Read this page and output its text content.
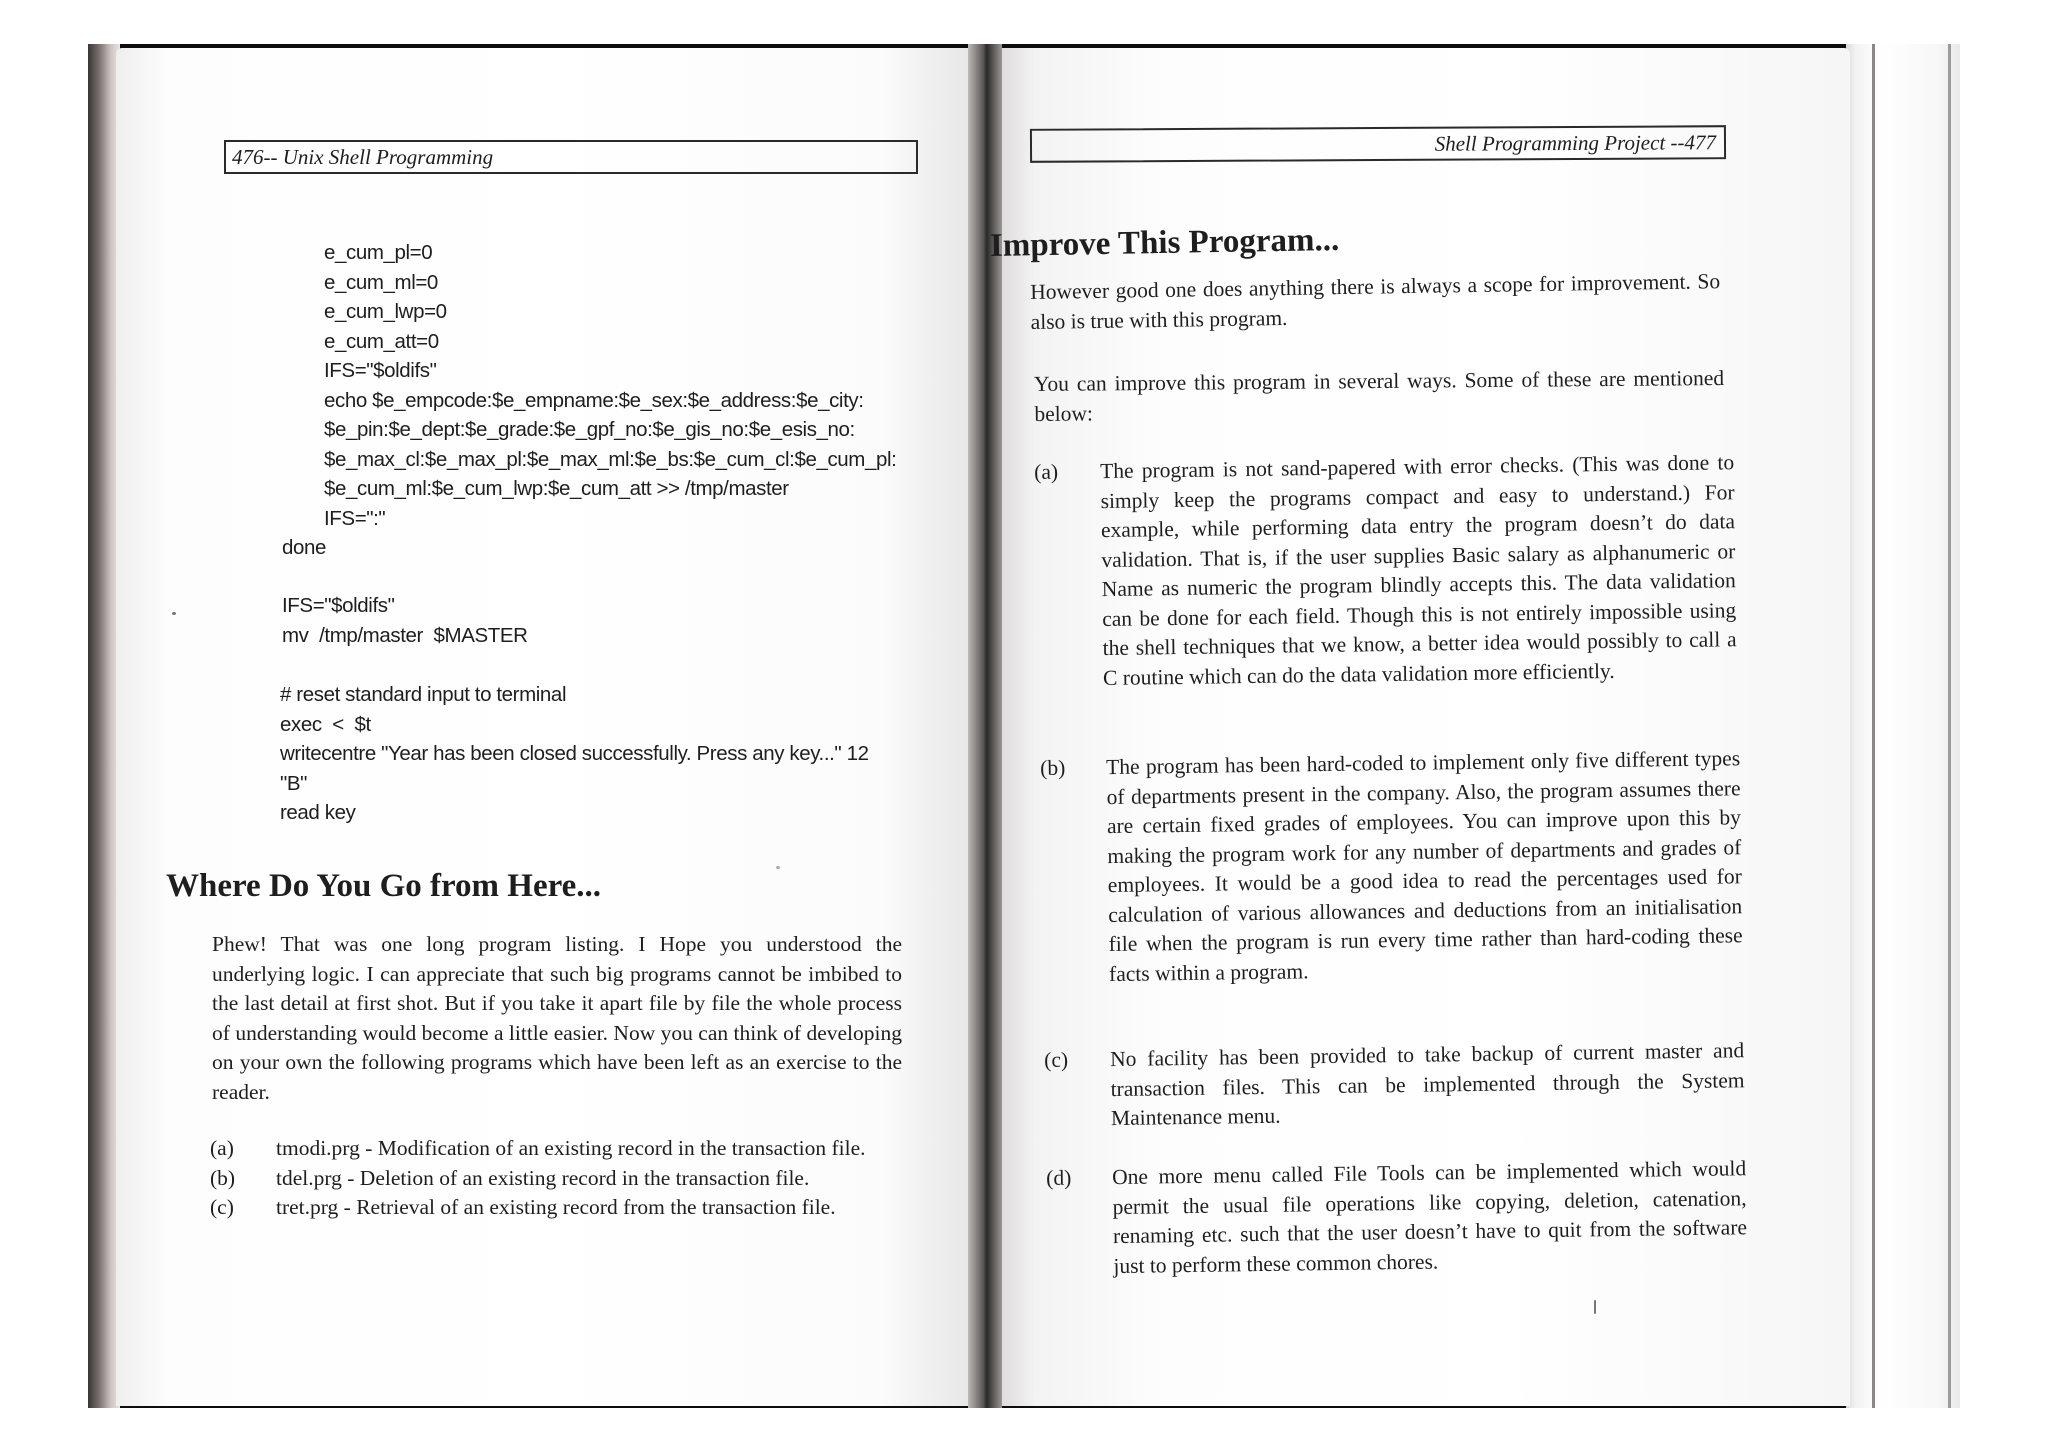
476-- Unix Shell Programming
e_cum_pl=0
e_cum_ml=0
e_cum_lwp=0
e_cum_att=0
IFS="$oldifs"
echo $e_empcode:$e_empname:$e_sex:$e_address:$e_city:
$e_pin:$e_dept:$e_grade:$e_gpf_no:$e_gis_no:$e_esis_no:
$e_max_cl:$e_max_pl:$e_max_ml:$e_bs:$e_cum_cl:$e_cum_pl:
$e_cum_ml:$e_cum_lwp:$e_cum_att >> /tmp/master
IFS=":"
done
IFS="$oldifs"
mv  /tmp/master  $MASTER
# reset standard input to terminal
exec  <  $t
writecentre "Year has been closed successfully. Press any key..." 12
"B"
read key
Where Do You Go from Here...
Phew! That was one long program listing. I Hope you understood the underlying logic. I can appreciate that such big programs cannot be imbibed to the last detail at first shot. But if you take it apart file by file the whole process of understanding would become a little easier. Now you can think of developing on your own the following programs which have been left as an exercise to the reader.
(a)	tmodi.prg - Modification of an existing record in the transaction file.
(b)	tdel.prg - Deletion of an existing record in the transaction file.
(c)	tret.prg - Retrieval of an existing record from the transaction file.
Shell Programming Project --477
Improve This Program...
However good one does anything there is always a scope for improvement. So also is true with this program.
You can improve this program in several ways. Some of these are mentioned below:
(a)	The program is not sand-papered with error checks. (This was done to simply keep the programs compact and easy to understand.) For example, while performing data entry the program doesn’t do data validation. That is, if the user supplies Basic salary as alphanumeric or Name as numeric the program blindly accepts this. The data validation can be done for each field. Though this is not entirely impossible using the shell techniques that we know, a better idea would possibly to call a C routine which can do the data validation more efficiently.
(b)	The program has been hard-coded to implement only five different types of departments present in the company. Also, the program assumes there are certain fixed grades of employees. You can improve upon this by making the program work for any number of departments and grades of employees. It would be a good idea to read the percentages used for calculation of various allowances and deductions from an initialisation file when the program is run every time rather than hard-coding these facts within a program.
(c)	No facility has been provided to take backup of current master and transaction files. This can be implemented through the System Maintenance menu.
(d)	One more menu called File Tools can be implemented which would permit the usual file operations like copying, deletion, catenation, renaming etc. such that the user doesn’t have to quit from the software just to perform these common chores.
